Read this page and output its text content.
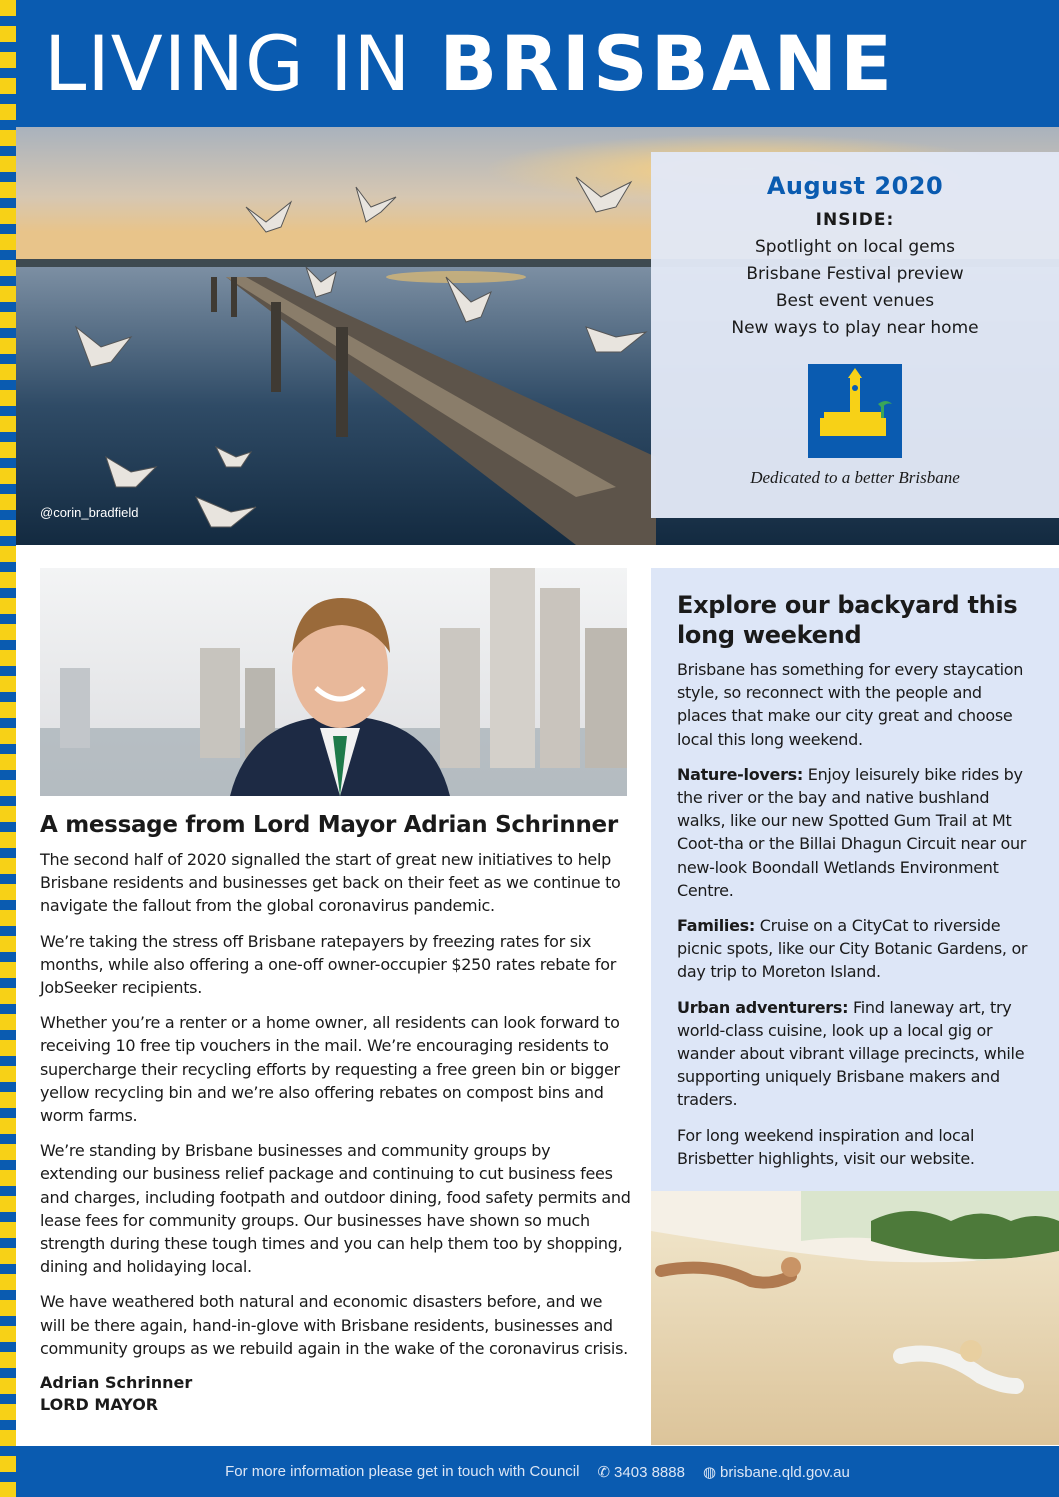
LIVING IN BRISBANE
@corin_bradfield
August 2020
INSIDE:
Spotlight on local gems
Brisbane Festival preview
Best event venues
New ways to play near home
Dedicated to a better Brisbane
A message from Lord Mayor Adrian Schrinner

The second half of 2020 signalled the start of great new initiatives to help Brisbane residents and businesses get back on their feet as we continue to navigate the fallout from the global coronavirus pandemic.

We’re taking the stress off Brisbane ratepayers by freezing rates for six months, while also offering a one-off owner-occupier $250 rates rebate for JobSeeker recipients.

Whether you’re a renter or a home owner, all residents can look forward to receiving 10 free tip vouchers in the mail. We’re encouraging residents to supercharge their recycling efforts by requesting a free green bin or bigger yellow recycling bin and we’re also offering rebates on compost bins and worm farms.

We’re standing by Brisbane businesses and community groups by extending our business relief package and continuing to cut business fees and charges, including footpath and outdoor dining, food safety permits and lease fees for community groups. Our businesses have shown so much strength during these tough times and you can help them too by shopping, dining and holidaying local.

We have weathered both natural and economic disasters before, and we will be there again, hand-in-glove with Brisbane residents, businesses and community groups as we rebuild again in the wake of the coronavirus crisis.

Adrian Schrinner
LORD MAYOR
Explore our backyard this long weekend

Brisbane has something for every staycation style, so reconnect with the people and places that make our city great and choose local this long weekend.

Nature-lovers: Enjoy leisurely bike rides by the river or the bay and native bushland walks, like our new Spotted Gum Trail at Mt Coot-tha or the Billai Dhagun Circuit near our new-look Boondall Wetlands Environment Centre.

Families: Cruise on a CityCat to riverside picnic spots, like our City Botanic Gardens, or day trip to Moreton Island.

Urban adventurers: Find laneway art, try world-class cuisine, look up a local gig or wander about vibrant village precincts, while supporting uniquely Brisbane makers and traders.

For long weekend inspiration and local Brisbetter highlights, visit our website.

For more information please get in touch with Council ✆ 3403 8888 ◍ brisbane.qld.gov.au
